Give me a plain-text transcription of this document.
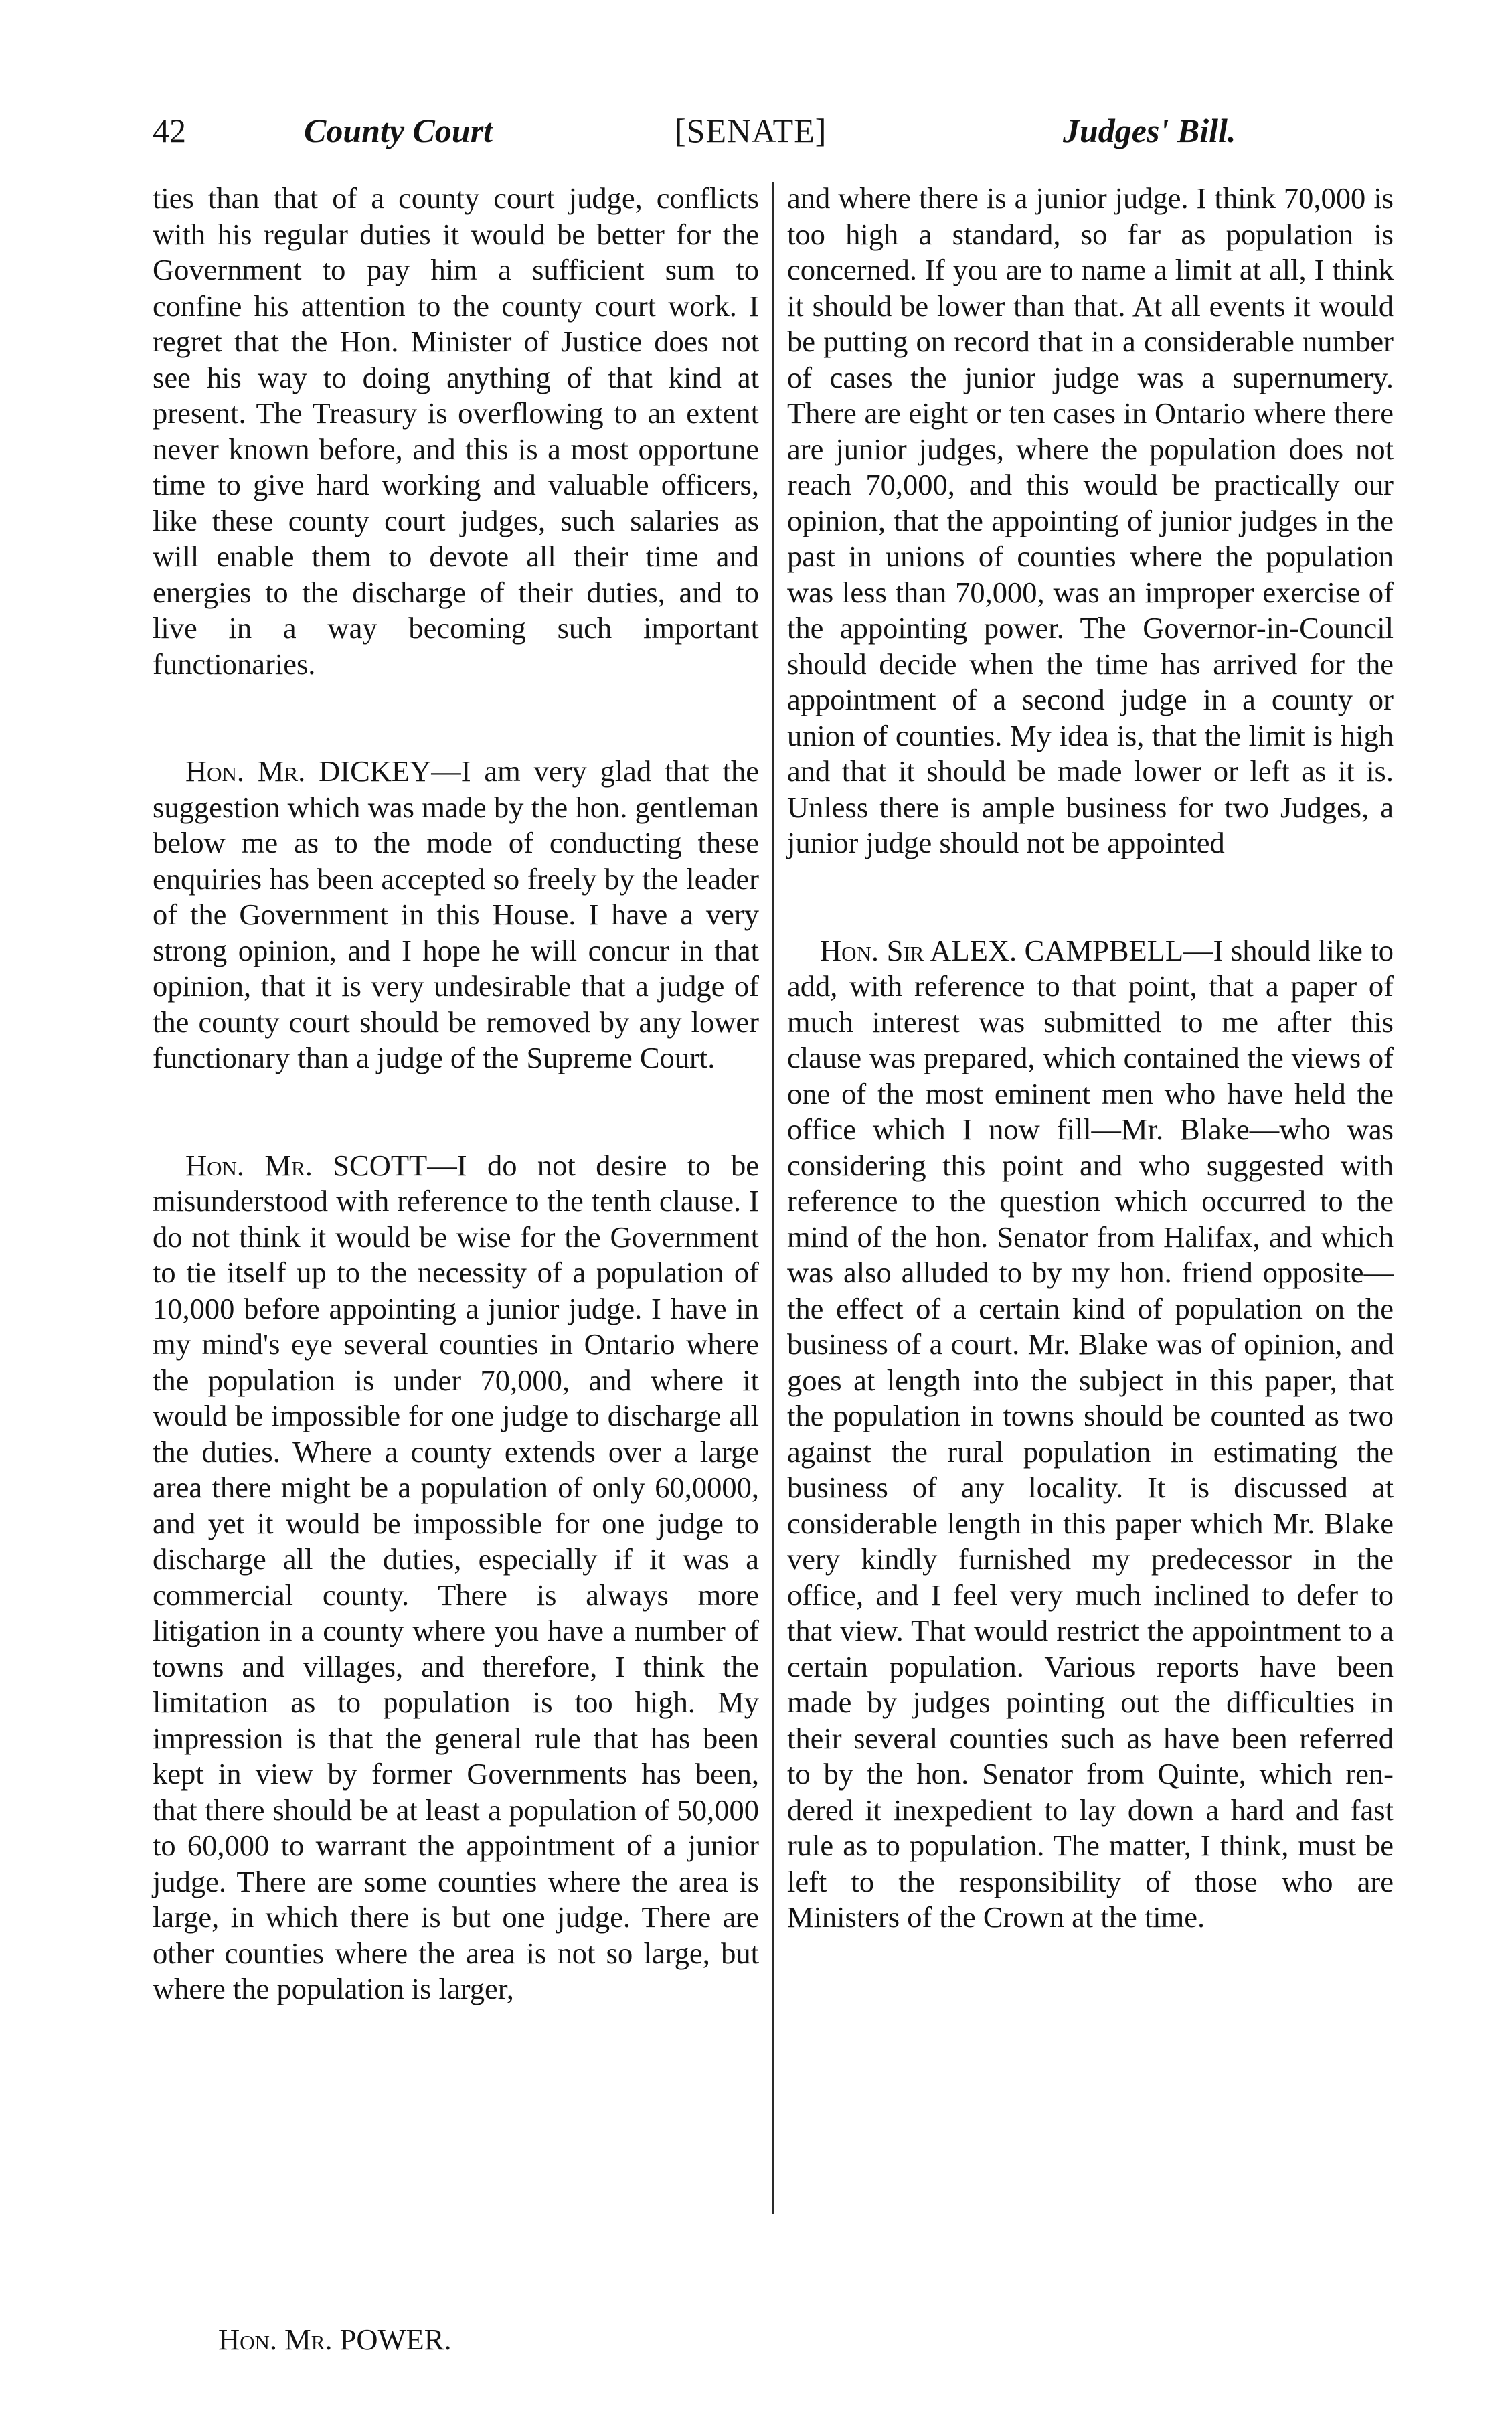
42	County Court	[SENATE]	Judges' Bill.

ties than that of a county court judge, conflicts with his regular duties it would be better for the Government to pay him a sufficient sum to confine his attention to the county court work. I regret that the Hon. Minister of Justice does not see his way to doing anything of that kind at present. The Treasury is overflowing to an extent never known before, and this is a most opportune time to give hard working and valuable officers, like these county court judges, such salaries as will enable them to devote all their time and energies to the discharge of their duties, and to live in a way becoming such important functionaries.

Hon. Mr. DICKEY—I am very glad that the suggestion which was made by the hon. gentleman below me as to the mode of conducting these enquiries has been accepted so freely by the leader of the Government in this House. I have a very strong opinion, and I hope he will concur in that opinion, that it is very undesirable that a judge of the county court should be removed by any lower functionary than a judge of the Supreme Court.

Hon. Mr. SCOTT—I do not desire to be misunderstood with reference to the tenth clause. I do not think it would be wise for the Government to tie itself up to the necessity of a population of 10,000 before appointing a junior judge. I have in my mind's eye several counties in Ontario where the population is under 70,000, and where it would be impossible for one judge to discharge all the duties. Where a county extends over a large area there might be a population of only 60,0000, and yet it would be impossible for one judge to discharge all the duties, especially if it was a commercial county. There is always more litigation in a county where you have a number of towns and villages, and therefore, I think the limitation as to population is too high. My impression is that the general rule that has been kept in view by former Governments has been, that there should be at least a population of 50,000 to 60,000 to warrant the appointment of a junior judge. There are some counties where the area is large, in which there is but one judge. There are other counties where the area is not so large, but where the population is larger,

and where there is a junior judge. I think 70,000 is too high a standard, so far as population is concerned. If you are to name a limit at all, I think it should be lower than that. At all events it would be putting on record that in a considerable number of cases the junior judge was a supernumery. There are eight or ten cases in Ontario where there are junior judges, where the population does not reach 70,000, and this would be practically our opinion, that the appointing of junior judges in the past in unions of counties where the population was less than 70,000, was an improper exercise of the appointing power. The Governor-in-Council should decide when the time has arrived for the appointment of a second judge in a county or union of counties. My idea is, that the limit is high and that it should be made lower or left as it is. Unless there is ample business for two Judges, a junior judge should not be appointed

Hon. Sir ALEX. CAMPBELL—I should like to add, with reference to that point, that a paper of much interest was submitted to me after this clause was prepared, which contained the views of one of the most eminent men who have held the office which I now fill—Mr. Blake—who was considering this point and who suggested with reference to the question which occurred to the mind of the hon. Senator from Halifax, and which was also alluded to by my hon. friend opposite—the effect of a certain kind of population on the business of a court. Mr. Blake was of opinion, and goes at length into the subject in this paper, that the population in towns should be counted as two against the rural population in estimating the business of any locality. It is discussed at considerable length in this paper which Mr. Blake very kindly furnished my predecessor in the office, and I feel very much inclined to defer to that view. That would restrict the appointment to a certain population. Various reports have been made by judges pointing out the difficulties in their several counties such as have been referred to by the hon. Senator from Quinte, which rendered it inexpedient to lay down a hard and fast rule as to population. The matter, I think, must be left to the responsibility of those who are Ministers of the Crown at the time.

Hon. Mr. POWER.
